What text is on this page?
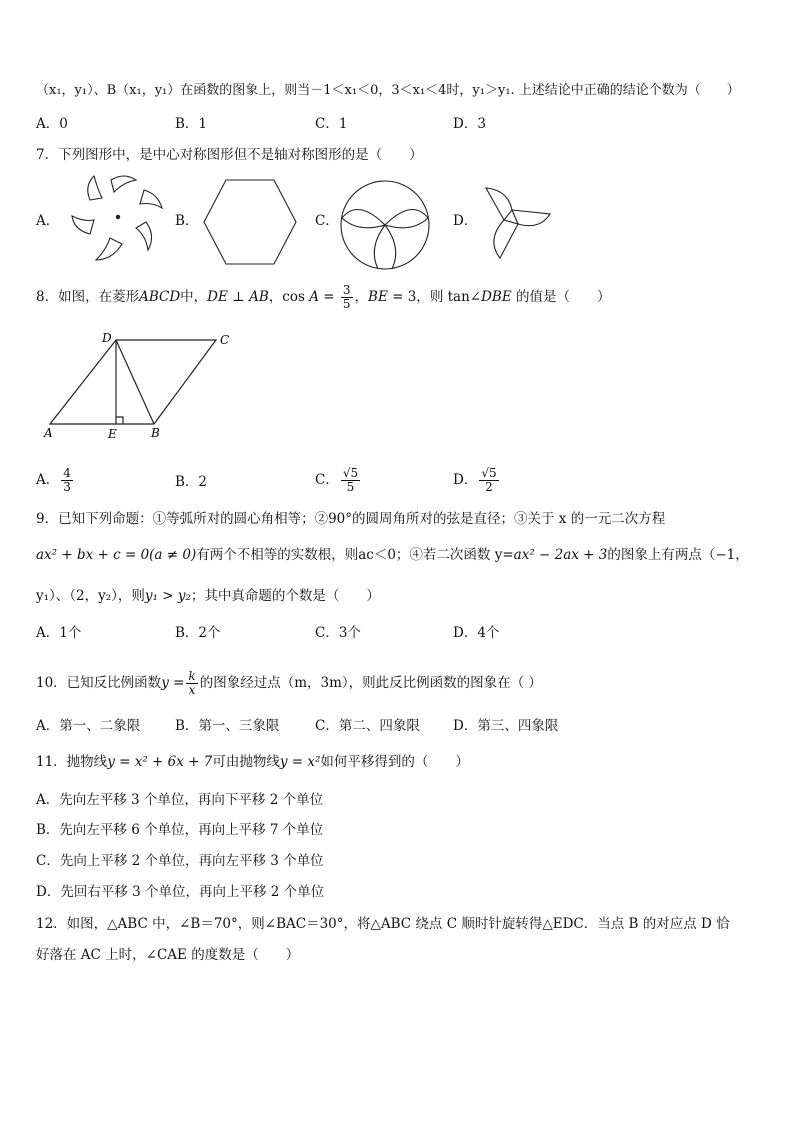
（x₁，y₁）、B（x₁，y₁）在函数的图象上，则当－1＜x₁＜0，3＜x₁＜4时，y₁＞y₁. 上述结论中正确的结论个数为（　　）
A．0	B．1	C．1	D．3
7．下列图形中，是中心对称图形但不是轴对称图形的是（　　）
A．	B．	C．	D．
8．如图，在菱形ABCD中，DE ⊥ AB，$\cos A = \frac{3}{5}$ ，BE = 3，则 tan∠DBE 的值是（　　）
D	C
A	E	B
A． $\frac{4}{3}$	B．2	C． $\frac{√5}{5}$	D． $\frac{√5}{2}$
9．已知下列命题：①等弧所对的圆心角相等；②90°的圆周角所对的弦是直径；③关于 x 的一元二次方程
ax² + bx + c = 0(a ≠ 0)有两个不相等的实数根，则ac＜0；④若二次函数 y=ax² − 2ax + 3的图象上有两点（−1，
y₁）、（2，y₂），则y₁ > y₂；其中真命题的个数是（　　）
A．1个	B．2个	C．3个	D．4个
10．已知反比例函数$y = \frac{k}{x}$ 的图象经过点（m，3m），则此反比例函数的图象在（ ）
A．第一、二象限	B．第一、三象限	C．第二、四象限 D．第三、四象限
11．抛物线y = x² + 6x + 7可由抛物线y = x²如何平移得到的（　　）
A．先向左平移 3 个单位，再向下平移 2 个单位
B．先向左平移 6 个单位，再向上平移 7 个单位
C．先向上平移 2 个单位，再向左平移 3 个单位
D．先回右平移 3 个单位，再向上平移 2 个单位
12．如图，△ABC 中，∠B＝70°，则∠BAC＝30°，将△ABC 绕点 C 顺时针旋转得△EDC．当点 B 的对应点 D 恰
好落在 AC 上时，∠CAE 的度数是（　　）
